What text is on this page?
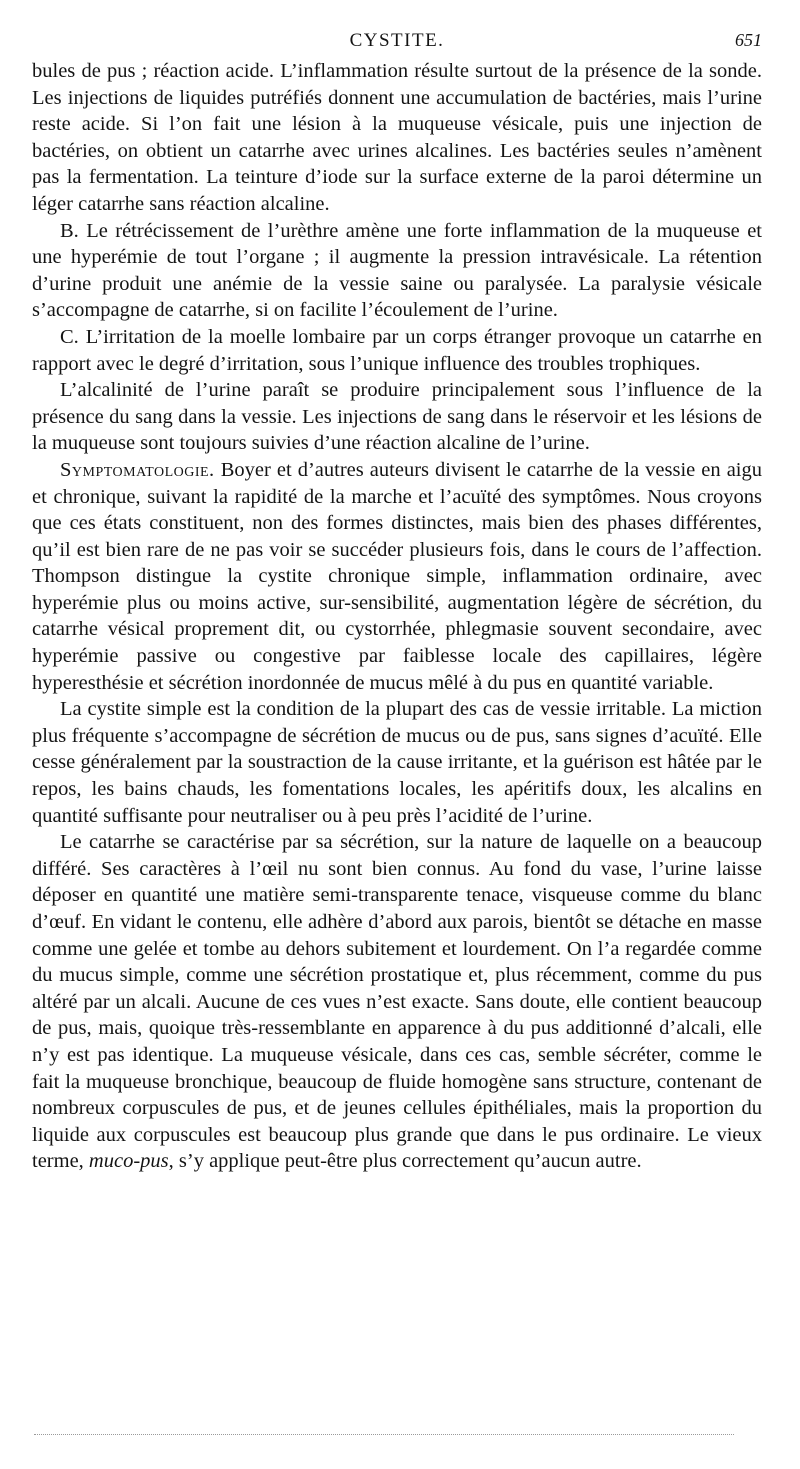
CYSTITE.	651

bules de pus ; réaction acide. L’inflammation résulte surtout de la présence de la sonde. Les injections de liquides putréfiés donnent une accumulation de bactéries, mais l’urine reste acide. Si l’on fait une lésion à la muqueuse vésicale, puis une injection de bactéries, on obtient un catarrhe avec urines alcalines. Les bactéries seules n’amènent pas la fermentation. La teinture d’iode sur la surface externe de la paroi détermine un léger catarrhe sans réaction alcaline.

B. Le rétrécissement de l’urèthre amène une forte inflammation de la muqueuse et une hyperémie de tout l’organe ; il augmente la pression intravésicale. La rétention d’urine produit une anémie de la vessie saine ou paralysée. La paralysie vésicale s’accompagne de catarrhe, si on facilite l’écoulement de l’urine.

C. L’irritation de la moelle lombaire par un corps étranger provoque un catarrhe en rapport avec le degré d’irritation, sous l’unique influence des troubles trophiques.

L’alcalinité de l’urine paraît se produire principalement sous l’influence de la présence du sang dans la vessie. Les injections de sang dans le réservoir et les lésions de la muqueuse sont toujours suivies d’une réaction alcaline de l’urine.

Symptomatologie. Boyer et d’autres auteurs divisent le catarrhe de la vessie en aigu et chronique, suivant la rapidité de la marche et l’acuïté des symptômes. Nous croyons que ces états constituent, non des formes distinctes, mais bien des phases différentes, qu’il est bien rare de ne pas voir se succéder plusieurs fois, dans le cours de l’affection. Thompson distingue la cystite chronique simple, inflammation ordinaire, avec hyperémie plus ou moins active, sur-sensibilité, augmentation légère de sécrétion, du catarrhe vésical proprement dit, ou cystorrhée, phlegmasie souvent secondaire, avec hyperémie passive ou congestive par faiblesse locale des capillaires, légère hyperesthésie et sécrétion inordonnée de mucus mêlé à du pus en quantité variable.

La cystite simple est la condition de la plupart des cas de vessie irritable. La miction plus fréquente s’accompagne de sécrétion de mucus ou de pus, sans signes d’acuïté. Elle cesse généralement par la soustraction de la cause irritante, et la guérison est hâtée par le repos, les bains chauds, les fomentations locales, les apéritifs doux, les alcalins en quantité suffisante pour neutraliser ou à peu près l’acidité de l’urine.

Le catarrhe se caractérise par sa sécrétion, sur la nature de laquelle on a beaucoup différé. Ses caractères à l’œil nu sont bien connus. Au fond du vase, l’urine laisse déposer en quantité une matière semi-transparente tenace, visqueuse comme du blanc d’œuf. En vidant le contenu, elle adhère d’abord aux parois, bientôt se détache en masse comme une gelée et tombe au dehors subitement et lourdement. On l’a regardée comme du mucus simple, comme une sécrétion prostatique et, plus récemment, comme du pus altéré par un alcali. Aucune de ces vues n’est exacte. Sans doute, elle contient beaucoup de pus, mais, quoique très-ressemblante en apparence à du pus additionné d’alcali, elle n’y est pas identique. La muqueuse vésicale, dans ces cas, semble sécréter, comme le fait la muqueuse bronchique, beaucoup de fluide homogène sans structure, contenant de nombreux corpuscules de pus, et de jeunes cellules épithéliales, mais la proportion du liquide aux corpuscules est beaucoup plus grande que dans le pus ordinaire. Le vieux terme, muco-pus, s’y applique peut-être plus correctement qu’aucun autre.
